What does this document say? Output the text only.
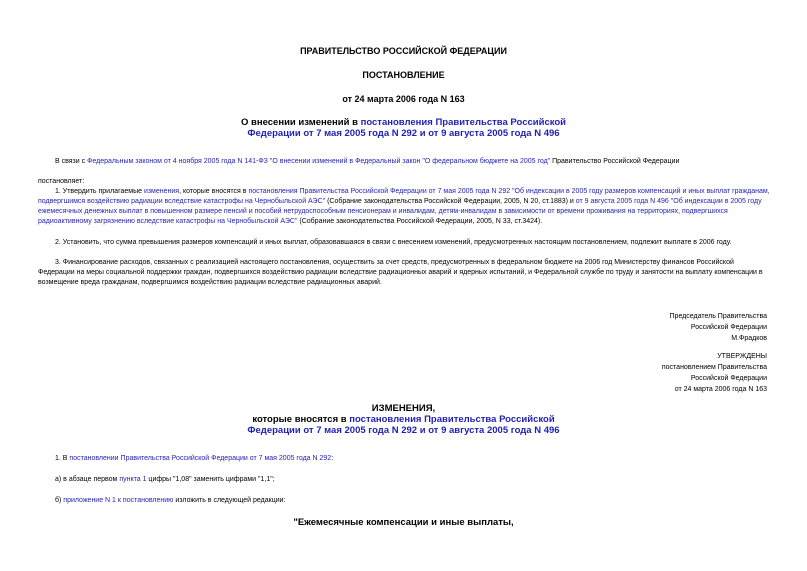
ПРАВИТЕЛЬСТВО РОССИЙСКОЙ ФЕДЕРАЦИИ
ПОСТАНОВЛЕНИЕ
от 24 марта 2006 года N 163
О внесении изменений в постановления Правительства Российской
Федерации от 7 мая 2005 года N 292 и от 9 августа 2005 года N 496
В связи с Федеральным законом от 4 ноября 2005 года N 141-ФЗ "О внесении изменений в Федеральный закон "О федеральном бюджете на 2005 год" Правительство Российской Федерации
постановляет:
1. Утвердить прилагаемые изменения, которые вносятся в постановления Правительства Российской Федерации от 7 мая 2005 года N 292 "Об индексации в 2005 году размеров компенсаций и иных выплат гражданам, подвергшимся воздействию радиации вследствие катастрофы на Чернобыльской АЭС" (Собрание законодательства Российской Федерации, 2005, N 20, ст.1883) и от 9 августа 2005 года N 496 "Об индексации в 2005 году ежемесячных денежных выплат в повышенном размере пенсий и пособий нетрудоспособным пенсионерам и инвалидам, детям-инвалидам в зависимости от времени проживания на территориях, подвергшихся радиоактивному загрязнению вследствие катастрофы на Чернобыльской АЭС" (Собрание законодательства Российской Федерации, 2005, N 33, ст.3424).
2. Установить, что сумма превышения размеров компенсаций и иных выплат, образовавшаяся в связи с внесением изменений, предусмотренных настоящим постановлением, подлежит выплате в 2006 году.
3. Финансирование расходов, связанных с реализацией настоящего постановления, осуществить за счет средств, предусмотренных в федеральном бюджете на 2006 год Министерству финансов Российской Федерации на меры социальной поддержки граждан, подвергшихся воздействию радиации вследствие радиационных аварий и ядерных испытаний, и Федеральной службе по труду и занятости на выплату компенсации в возмещение вреда гражданам, подвергшимся воздействию радиации вследствие радиационных аварий.
Председатель Правительства
Российской Федерации
М.Фрадков
УТВЕРЖДЕНЫ
постановлением Правительства
Российской Федерации
от 24 марта 2006 года N 163
ИЗМЕНЕНИЯ,
которые вносятся в постановления Правительства Российской
Федерации от 7 мая 2005 года N 292 и от 9 августа 2005 года N 496
1. В постановлении Правительства Российской Федерации от 7 мая 2005 года N 292:
а) в абзаце первом пункта 1 цифры "1,08" заменить цифрами "1,1";
б) приложение N 1 к постановлению изложить в следующей редакции:
"Ежемесячные компенсации и иные выплаты,
